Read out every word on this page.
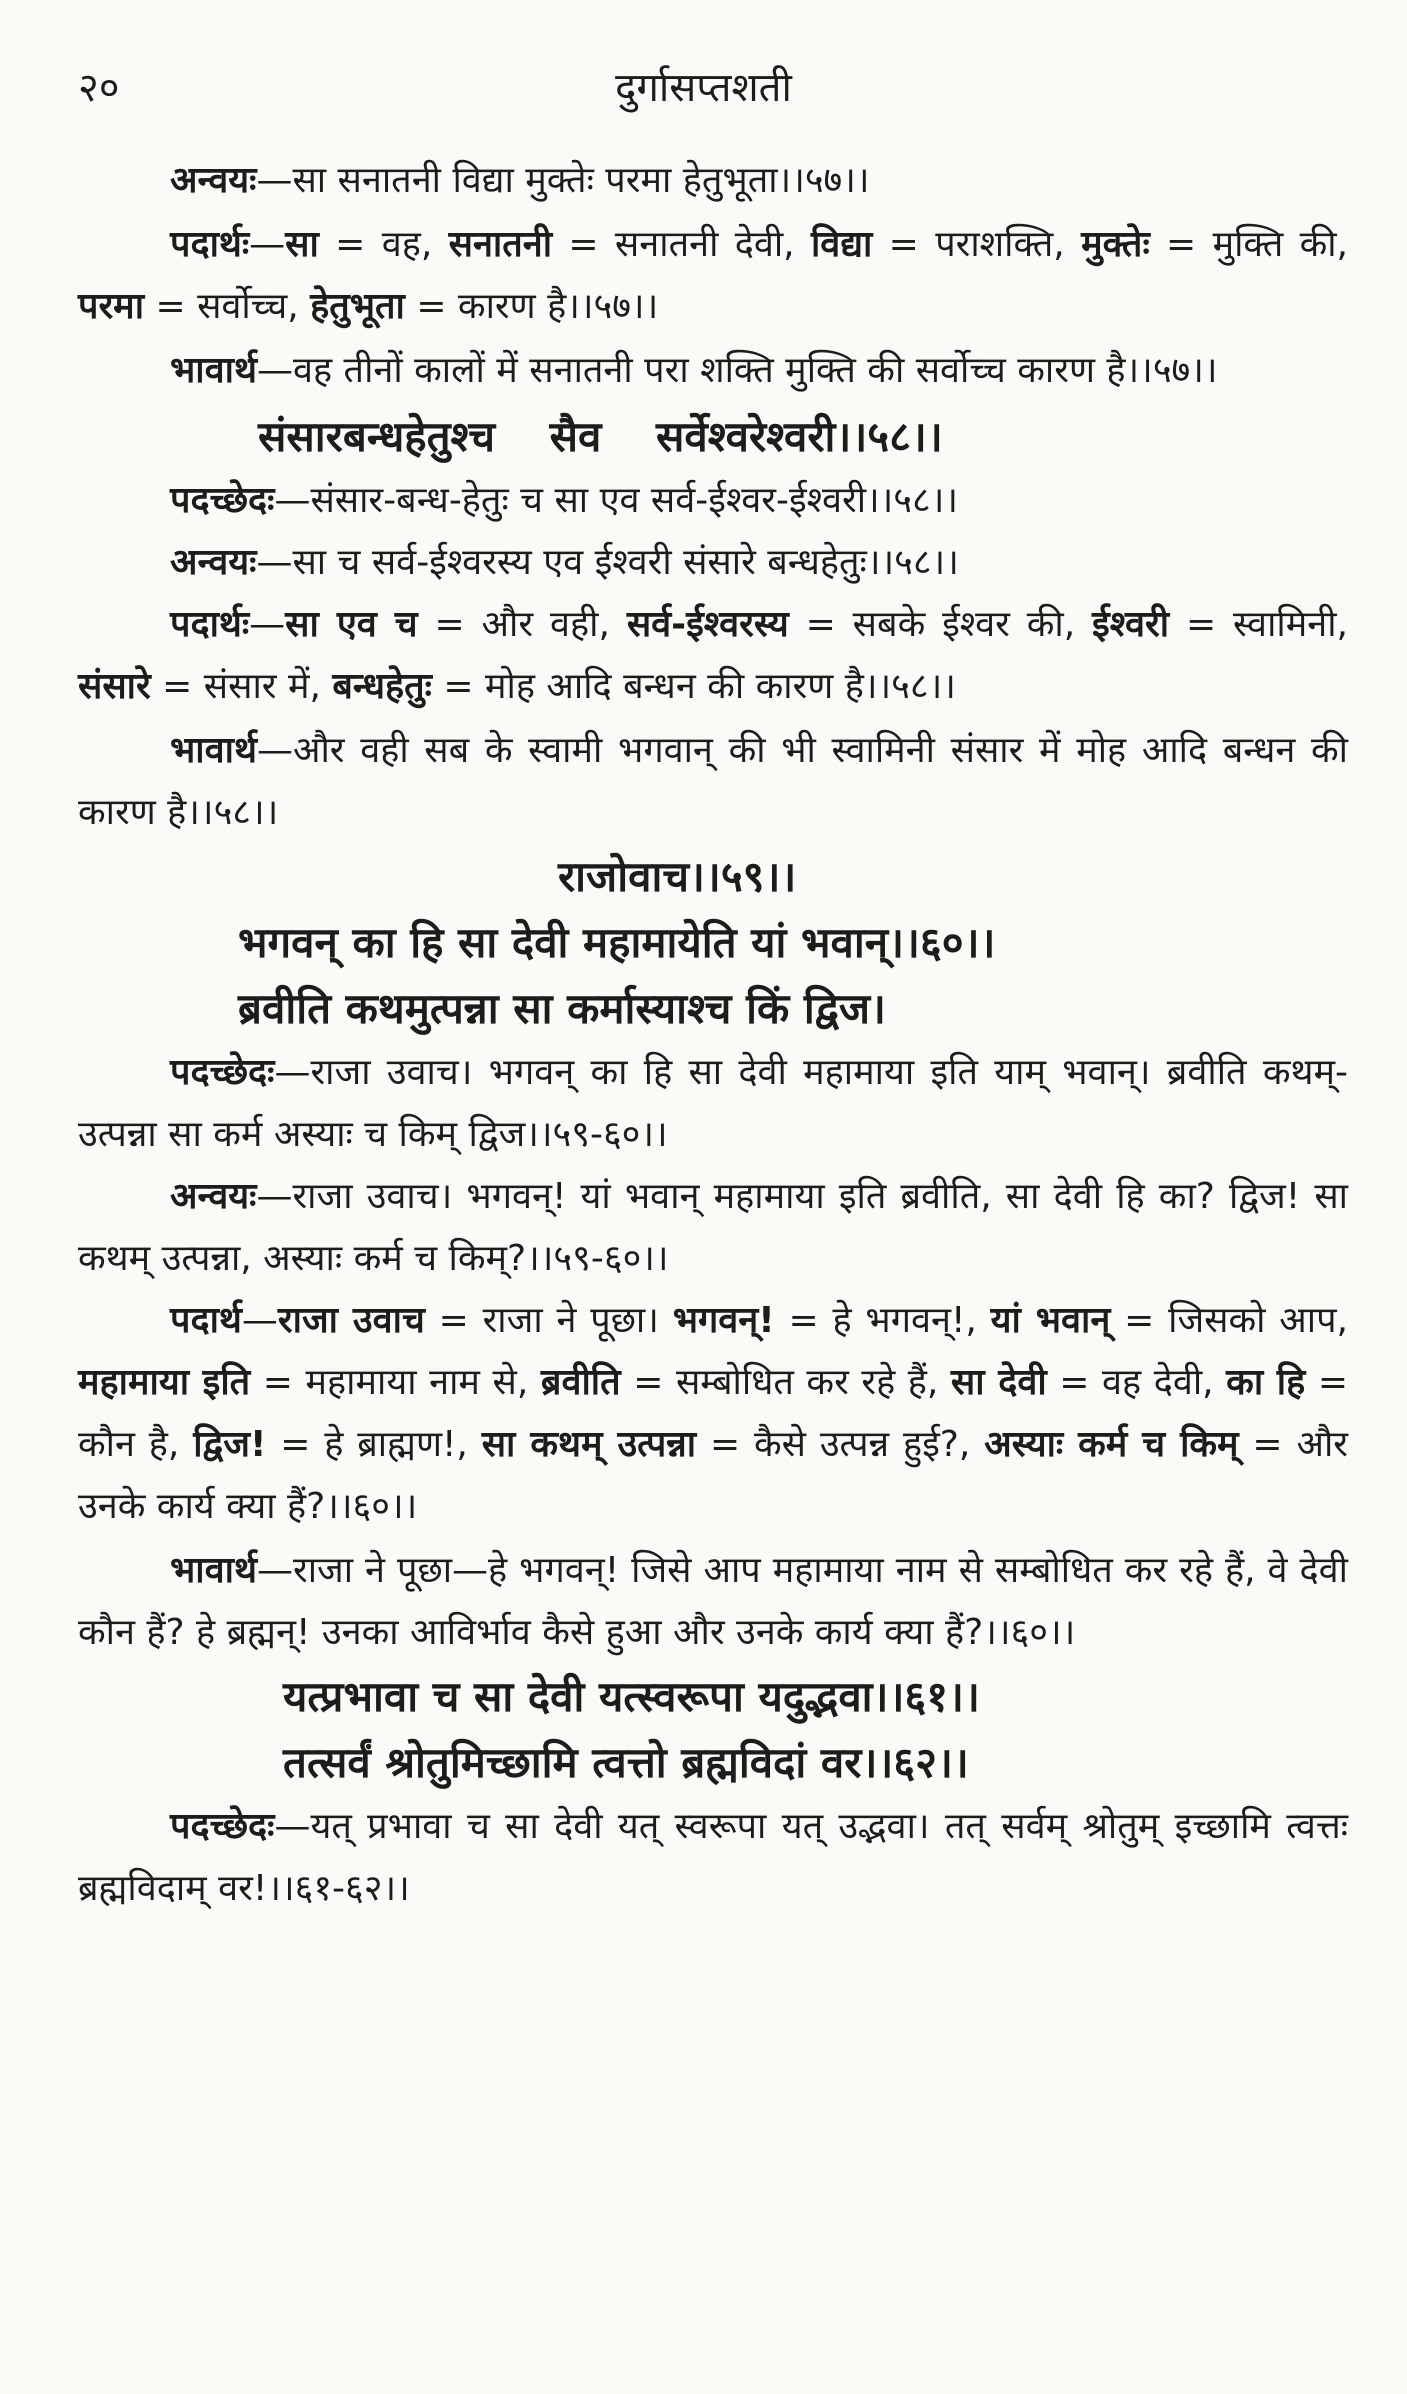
२०	दुर्गासप्तशती

अन्वयः—सा सनातनी विद्या मुक्तेः परमा हेतुभूता।।५७।।

पदार्थः—सा = वह, सनातनी = सनातनी देवी, विद्या = पराशक्ति, मुक्तेः = मुक्ति की, परमा = सर्वोच्च, हेतुभूता = कारण है।।५७।।

भावार्थ—वह तीनों कालों में सनातनी परा शक्ति मुक्ति की सर्वोच्च कारण है।।५७।।

संसारबन्धहेतुश्च सैव सर्वेश्वरेश्वरी।।५८।।

पदच्छेदः—संसार-बन्ध-हेतुः च सा एव सर्व-ईश्वर-ईश्वरी।।५८।।

अन्वयः—सा च सर्व-ईश्वरस्य एव ईश्वरी संसारे बन्धहेतुः।।५८।।

पदार्थः—सा एव च = और वही, सर्व-ईश्वरस्य = सबके ईश्वर की, ईश्वरी = स्वामिनी, संसारे = संसार में, बन्धहेतुः = मोह आदि बन्धन की कारण है।।५८।।

भावार्थ—और वही सब के स्वामी भगवान् की भी स्वामिनी संसार में मोह आदि बन्धन की कारण है।।५८।।

राजोवाच।।५९।।

भगवन् का हि सा देवी महामायेति यां भवान्।।६०।।

ब्रवीति कथमुत्पन्ना सा कर्मास्याश्च किं द्विज।

पदच्छेदः—राजा उवाच। भगवन् का हि सा देवी महामाया इति याम् भवान्। ब्रवीति कथम्-उत्पन्ना सा कर्म अस्याः च किम् द्विज।।५९-६०।।

अन्वयः—राजा उवाच। भगवन्! यां भवान् महामाया इति ब्रवीति, सा देवी हि का? द्विज! सा कथम् उत्पन्ना, अस्याः कर्म च किम्?।।५९-६०।।

पदार्थ—राजा उवाच = राजा ने पूछा। भगवन्! = हे भगवन्!, यां भवान् = जिसको आप, महामाया इति = महामाया नाम से, ब्रवीति = सम्बोधित कर रहे हैं, सा देवी = वह देवी, का हि = कौन है, द्विज! = हे ब्राह्मण!, सा कथम् उत्पन्ना = कैसे उत्पन्न हुई?, अस्याः कर्म च किम् = और उनके कार्य क्या हैं?।।६०।।

भावार्थ—राजा ने पूछा—हे भगवन्! जिसे आप महामाया नाम से सम्बोधित कर रहे हैं, वे देवी कौन हैं? हे ब्रह्मन्! उनका आविर्भाव कैसे हुआ और उनके कार्य क्या हैं?।।६०।।

यत्प्रभावा च सा देवी यत्स्वरूपा यदुद्भवा।।६१।।

तत्सर्वं श्रोतुमिच्छामि त्वत्तो ब्रह्मविदां वर।।६२।।

पदच्छेदः—यत् प्रभावा च सा देवी यत् स्वरूपा यत् उद्भवा। तत् सर्वम् श्रोतुम् इच्छामि त्वत्तः ब्रह्मविदाम् वर!।।६१-६२।।
